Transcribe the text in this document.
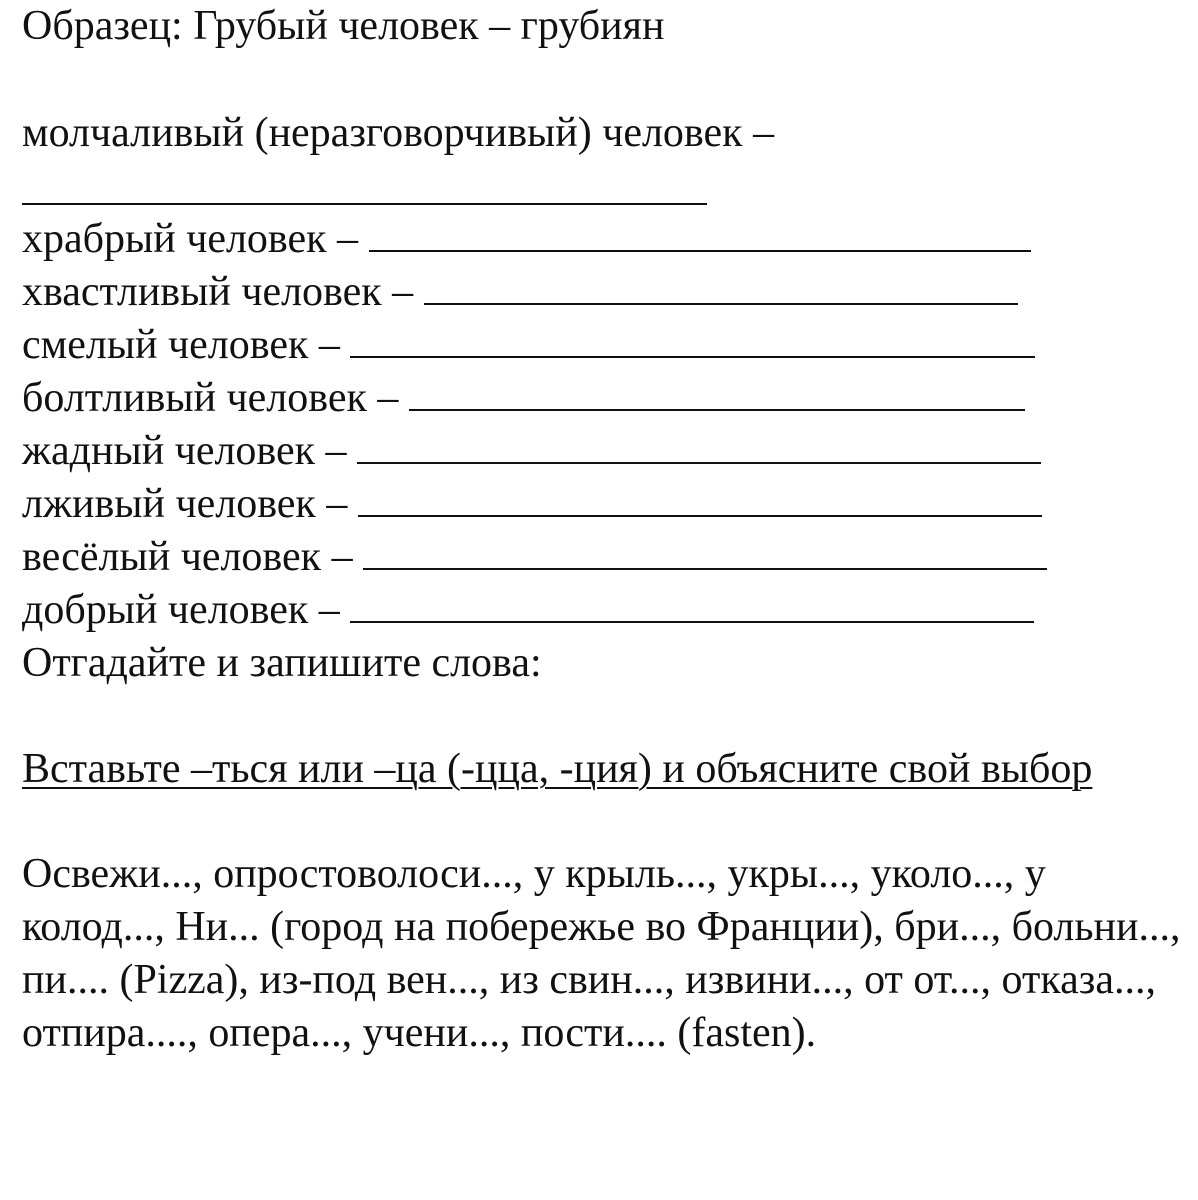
Образец: Грубый человек – грубиян
молчаливый (неразговорчивый) человек –
храбрый человек –
хвастливый человек –
смелый человек –
болтливый человек –
жадный человек –
лживый человек –
весёлый человек –
добрый человек –
Отгадайте и запишите слова:
Вставьте –ться или –ца (-цца, -ция) и объясните свой выбор
Освежи..., опростоволоси..., у крыль..., укры..., уколо..., у колод..., Ни... (город на побережье во Франции), бри..., больни..., пи.... (Pizza), из-под вен..., из свин..., извини..., от от..., отказа..., отпира...., опера..., учени..., пости.... (fasten).
